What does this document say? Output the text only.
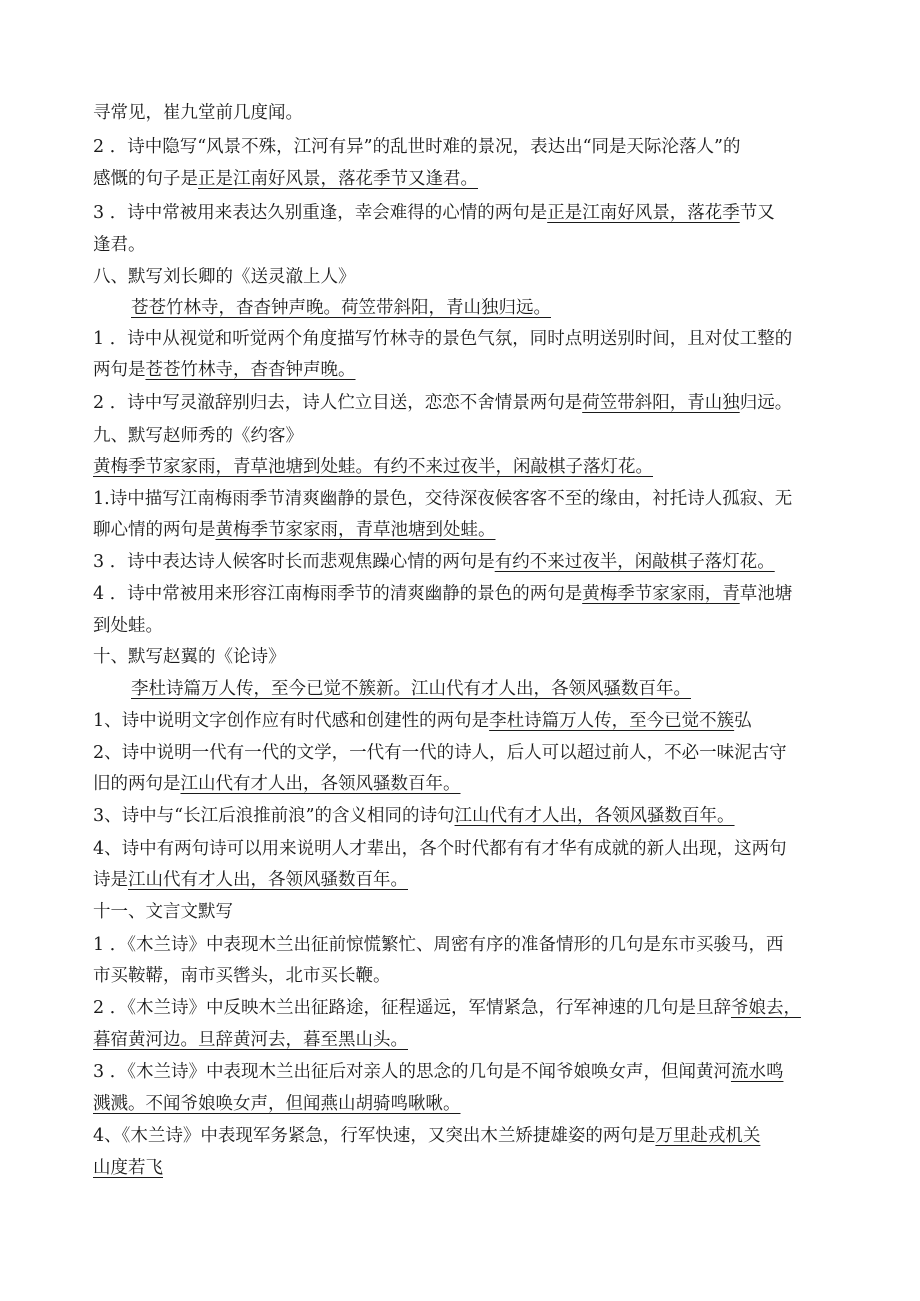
寻常见，崔九堂前几度闻。

2 ．诗中隐写“风景不殊，江河有异”的乱世时难的景况，表达出“同是天际沦落人”的

感慨的句子是正是江南好风景，落花季节又逢君。

3 ．诗中常被用来表达久别重逢，幸会难得的心情的两句是正是江南好风景，落花季节又

逢君。

八、默写刘长卿的《送灵澈上人》

苍苍竹林寺，杳杳钟声晚。荷笠带斜阳，青山独归远。

1 ．诗中从视觉和听觉两个角度描写竹林寺的景色气氛，同时点明送别时间，且对仗工整的

两句是苍苍竹林寺，杳杳钟声晚。

2 ．诗中写灵澈辞别归去，诗人伫立目送，恋恋不舍情景两句是荷笠带斜阳，青山独归远。

九、默写赵师秀的《约客》

黄梅季节家家雨，青草池塘到处蛙。有约不来过夜半，闲敲棋子落灯花。

1.诗中描写江南梅雨季节清爽幽静的景色，交待深夜候客客不至的缘由，衬托诗人孤寂、无

聊心情的两句是黄梅季节家家雨，青草池塘到处蛙。

3 ．诗中表达诗人候客时长而悲观焦躁心情的两句是有约不来过夜半，闲敲棋子落灯花。

4 ．诗中常被用来形容江南梅雨季节的清爽幽静的景色的两句是黄梅季节家家雨，青草池塘

到处蛙。

十、默写赵翼的《论诗》

李杜诗篇万人传，至今已觉不簇新。江山代有才人出，各领风骚数百年。

1、诗中说明文字创作应有时代感和创建性的两句是李杜诗篇万人传，至今已觉不簇弘

2、诗中说明一代有一代的文学，一代有一代的诗人，后人可以超过前人，不必一味泥古守

旧的两句是江山代有才人出，各领风骚数百年。

3、诗中与“长江后浪推前浪”的含义相同的诗句江山代有才人出，各领风骚数百年。

4、诗中有两句诗可以用来说明人才辈出，各个时代都有有才华有成就的新人出现，这两句

诗是江山代有才人出，各领风骚数百年。

十一、文言文默写

1 ．《木兰诗》中表现木兰出征前惊慌繁忙、周密有序的准备情形的几句是东市买骏马，西

市买鞍鞯，南市买辔头，北市买长鞭。

2 ．《木兰诗》中反映木兰出征路途，征程遥远，军情紧急，行军神速的几句是旦辞爷娘去，

暮宿黄河边。旦辞黄河去，暮至黑山头。

3 ．《木兰诗》中表现木兰出征后对亲人的思念的几句是不闻爷娘唤女声，但闻黄河流水鸣

溅溅。不闻爷娘唤女声，但闻燕山胡骑鸣啾啾。

4、《木兰诗》中表现军务紧急，行军快速，又突出木兰矫捷雄姿的两句是万里赴戎机关

山度若飞
